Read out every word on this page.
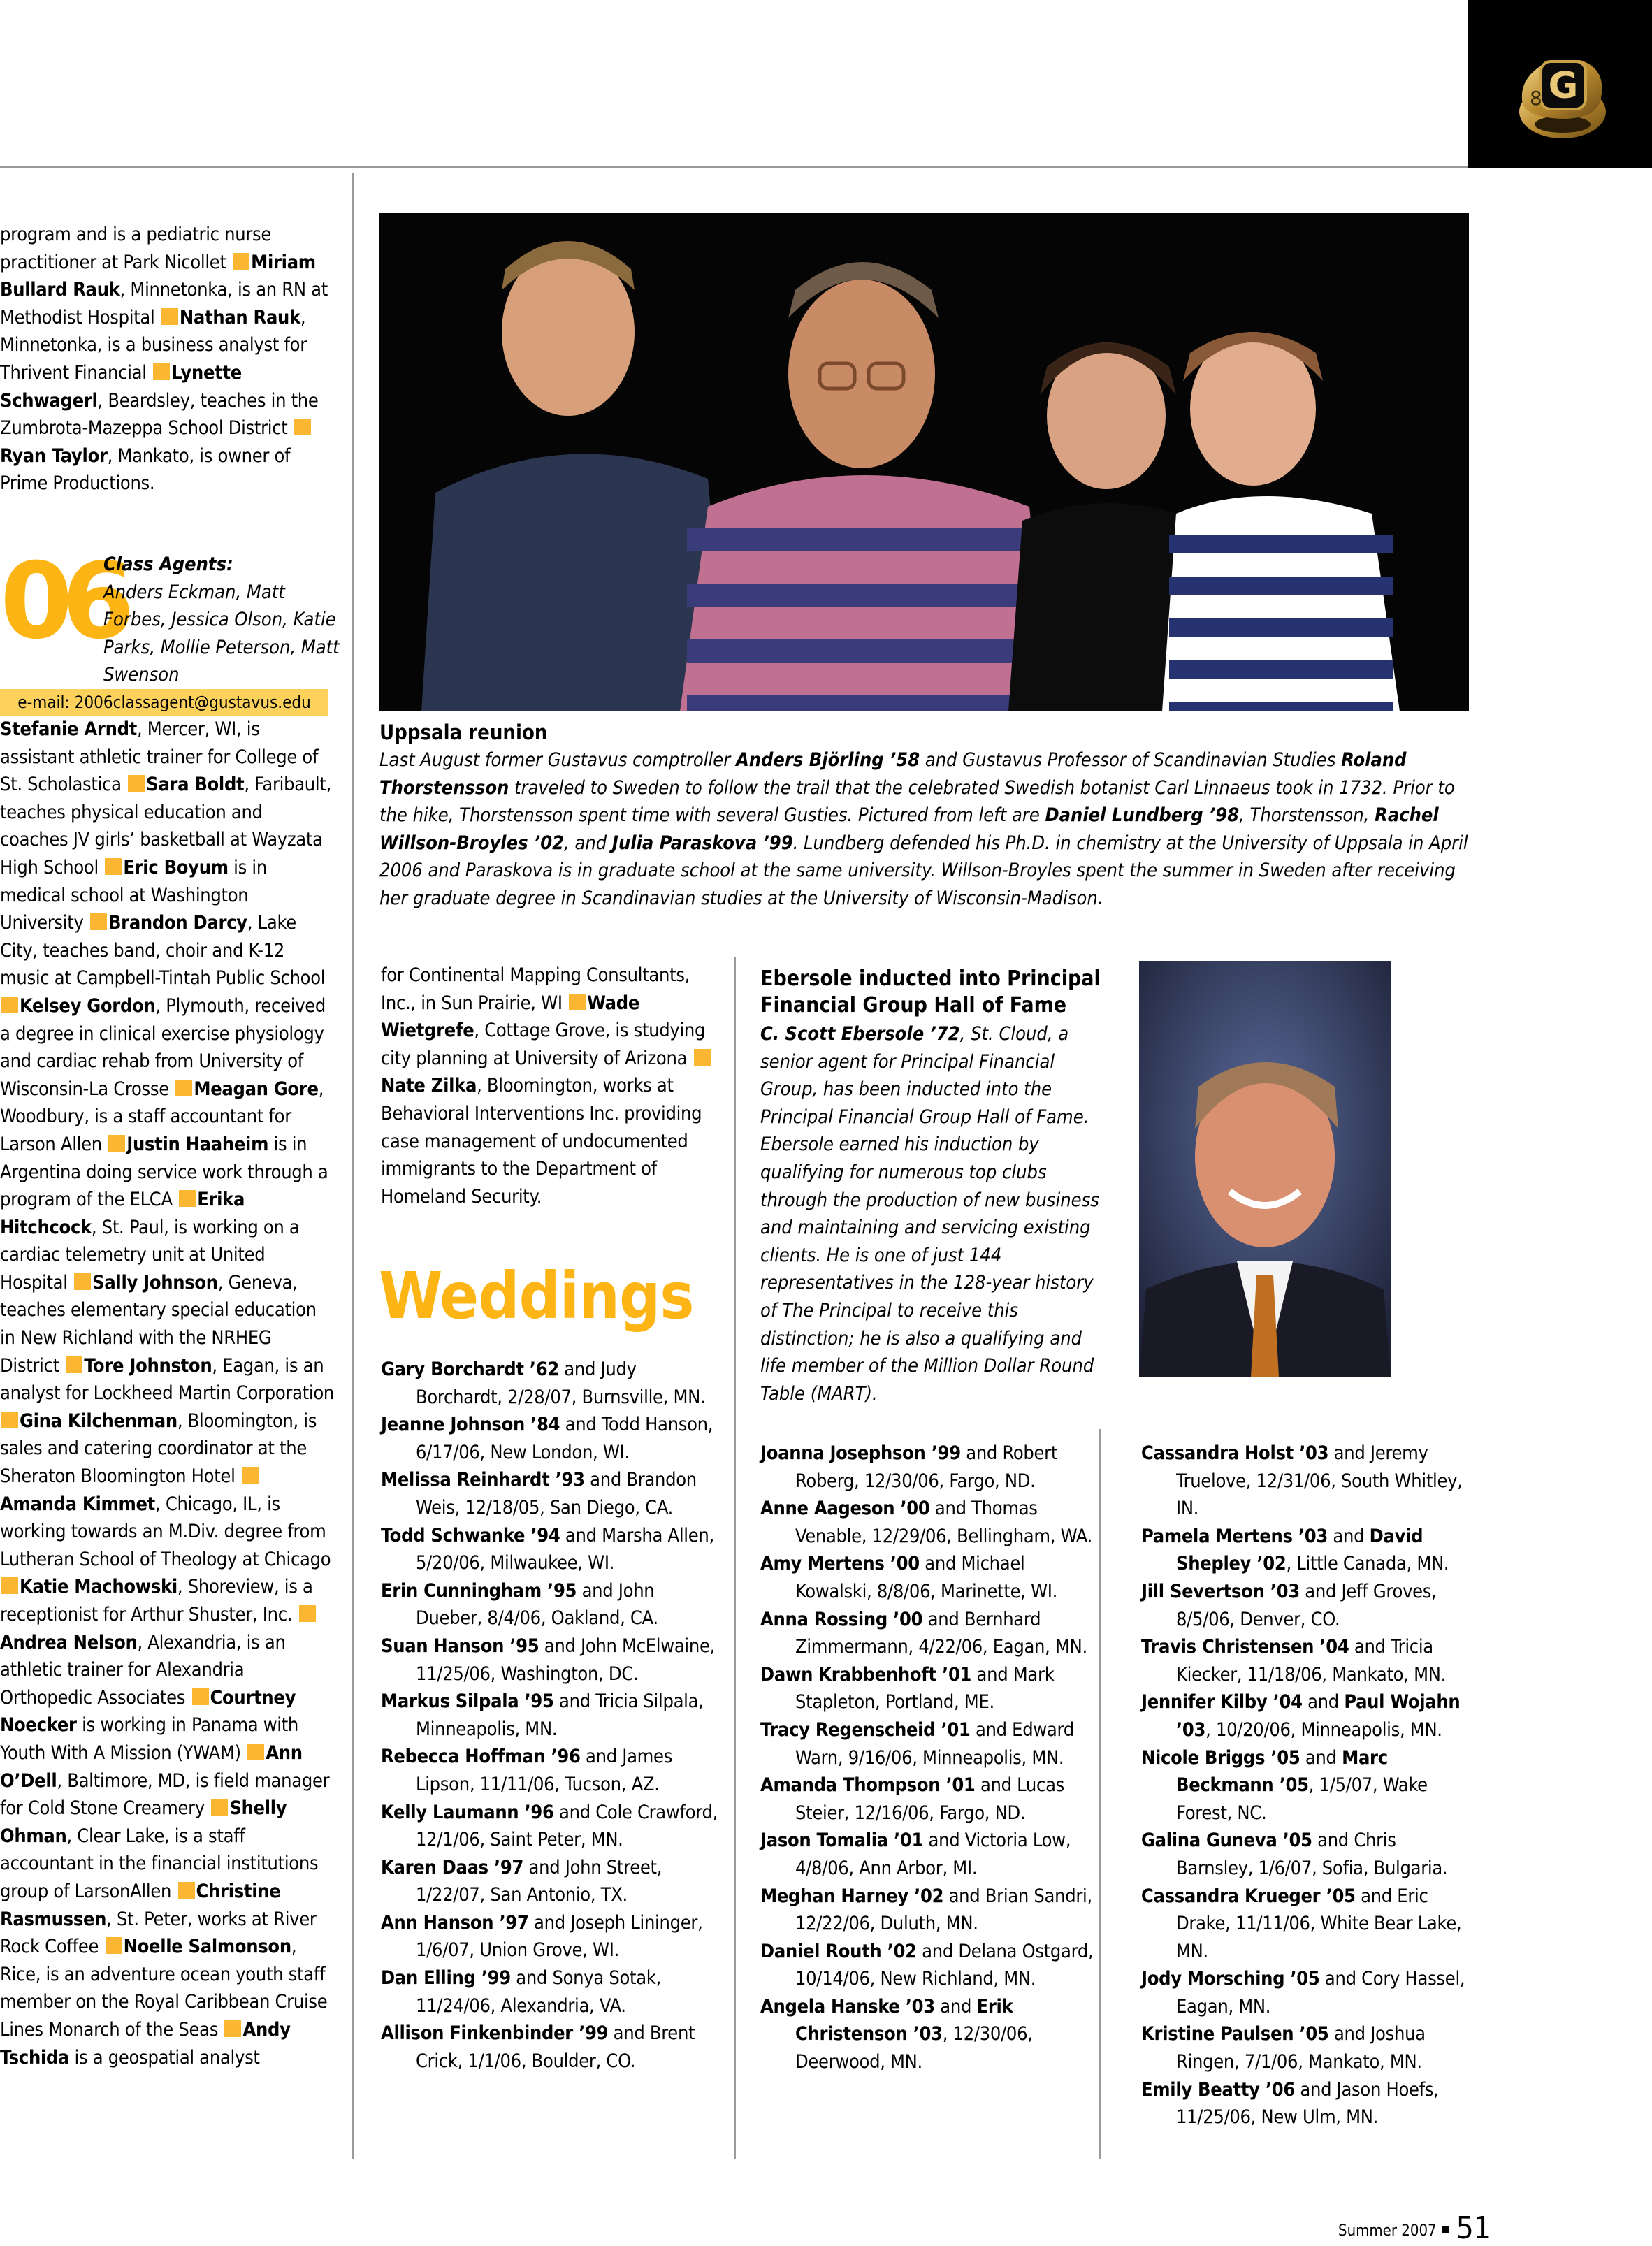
G
8
program and is a pediatric nurse practitioner at Park Nicollet Miriam Bullard Rauk, Minnetonka, is an RN at Methodist Hospital Nathan Rauk, Minnetonka, is a business analyst for Thrivent Financial Lynette Schwagerl, Beardsley, teaches in the Zumbrota-Mazeppa School District Ryan Taylor, Mankato, is owner of Prime Productions.
06
Class Agents:
Anders Eckman, Matt Forbes, Jessica Olson, Katie Parks, Mollie Peterson, Matt Swenson
e-mail: 2006classagent@gustavus.edu
Stefanie Arndt, Mercer, WI, is assistant athletic trainer for College of St. Scholastica Sara Boldt, Faribault, teaches physical education and coaches JV girls’ basketball at Wayzata High School Eric Boyum is in medical school at Washington University Brandon Darcy, Lake City, teaches band, choir and K-12 music at Campbell-Tintah Public School Kelsey Gordon, Plymouth, received a degree in clinical exercise physiology and cardiac rehab from University of Wisconsin-La Crosse Meagan Gore, Woodbury, is a staff accountant for Larson Allen Justin Haaheim is in Argentina doing service work through a program of the ELCA Erika Hitchcock, St. Paul, is working on a cardiac telemetry unit at United Hospital Sally Johnson, Geneva, teaches elementary special education in New Richland with the NRHEG District Tore Johnston, Eagan, is an analyst for Lockheed Martin Corporation Gina Kilchenman, Bloomington, is sales and catering coordinator at the Sheraton Bloomington Hotel Amanda Kimmet, Chicago, IL, is working towards an M.Div. degree from Lutheran School of Theology at Chicago Katie Machowski, Shoreview, is a receptionist for Arthur Shuster, Inc. Andrea Nelson, Alexandria, is an athletic trainer for Alexandria Orthopedic Associates Courtney Noecker is working in Panama with Youth With A Mission (YWAM) Ann O’Dell, Baltimore, MD, is field manager for Cold Stone Creamery Shelly Ohman, Clear Lake, is a staff accountant in the financial institutions group of LarsonAllen Christine Rasmussen, St. Peter, works at River Rock Coffee Noelle Salmonson, Rice, is an adventure ocean youth staff member on the Royal Caribbean Cruise Lines Monarch of the Seas Andy Tschida is a geospatial analyst
Uppsala reunion
Last August former Gustavus comptroller Anders Björling ’58 and Gustavus Professor of Scandinavian Studies Roland Thorstensson traveled to Sweden to follow the trail that the celebrated Swedish botanist Carl Linnaeus took in 1732. Prior to the hike, Thorstensson spent time with several Gusties. Pictured from left are Daniel Lundberg ’98, Thorstensson, Rachel Willson-Broyles ’02, and Julia Paraskova ’99. Lundberg defended his Ph.D. in chemistry at the University of Uppsala in April 2006 and Paraskova is in graduate school at the same university. Willson-Broyles spent the summer in Sweden after receiving her graduate degree in Scandinavian studies at the University of Wisconsin-Madison.
for Continental Mapping Consultants, Inc., in Sun Prairie, WI Wade Wietgrefe, Cottage Grove, is studying city planning at University of Arizona Nate Zilka, Bloomington, works at Behavioral Interventions Inc. providing case management of undocumented immigrants to the Department of Homeland Security.
Ebersole inducted into Principal Financial Group Hall of Fame
C. Scott Ebersole ’72, St. Cloud, a senior agent for Principal Financial Group, has been inducted into the Principal Financial Group Hall of Fame. Ebersole earned his induction by qualifying for numerous top clubs through the production of new business and maintaining and servicing existing clients. He is one of just 144 representatives in the 128-year history of The Principal to receive this distinction; he is also a qualifying and life member of the Million Dollar Round Table (MART).
Weddings
Gary Borchardt ’62 and Judy Borchardt, 2/28/07, Burnsville, MN.
Jeanne Johnson ’84 and Todd Hanson, 6/17/06, New London, WI.
Melissa Reinhardt ’93 and Brandon Weis, 12/18/05, San Diego, CA.
Todd Schwanke ’94 and Marsha Allen, 5/20/06, Milwaukee, WI.
Erin Cunningham ’95 and John Dueber, 8/4/06, Oakland, CA.
Suan Hanson ’95 and John McElwaine, 11/25/06, Washington, DC.
Markus Silpala ’95 and Tricia Silpala, Minneapolis, MN.
Rebecca Hoffman ’96 and James Lipson, 11/11/06, Tucson, AZ.
Kelly Laumann ’96 and Cole Crawford, 12/1/06, Saint Peter, MN.
Karen Daas ’97 and John Street, 1/22/07, San Antonio, TX.
Ann Hanson ’97 and Joseph Lininger, 1/6/07, Union Grove, WI.
Dan Elling ’99 and Sonya Sotak, 11/24/06, Alexandria, VA.
Allison Finkenbinder ’99 and Brent Crick, 1/1/06, Boulder, CO.
Joanna Josephson ’99 and Robert Roberg, 12/30/06, Fargo, ND.
Anne Aageson ’00 and Thomas Venable, 12/29/06, Bellingham, WA.
Amy Mertens ’00 and Michael Kowalski, 8/8/06, Marinette, WI.
Anna Rossing ’00 and Bernhard Zimmermann, 4/22/06, Eagan, MN.
Dawn Krabbenhoft ’01 and Mark Stapleton, Portland, ME.
Tracy Regenscheid ’01 and Edward Warn, 9/16/06, Minneapolis, MN.
Amanda Thompson ’01 and Lucas Steier, 12/16/06, Fargo, ND.
Jason Tomalia ’01 and Victoria Low, 4/8/06, Ann Arbor, MI.
Meghan Harney ’02 and Brian Sandri, 12/22/06, Duluth, MN.
Daniel Routh ’02 and Delana Ostgard, 10/14/06, New Richland, MN.
Angela Hanske ’03 and Erik Christenson ’03, 12/30/06, Deerwood, MN.
Cassandra Holst ’03 and Jeremy Truelove, 12/31/06, South Whitley, IN.
Pamela Mertens ’03 and David Shepley ’02, Little Canada, MN.
Jill Severtson ’03 and Jeff Groves, 8/5/06, Denver, CO.
Travis Christensen ’04 and Tricia Kiecker, 11/18/06, Mankato, MN.
Jennifer Kilby ’04 and Paul Wojahn ’03, 10/20/06, Minneapolis, MN.
Nicole Briggs ’05 and Marc Beckmann ’05, 1/5/07, Wake Forest, NC.
Galina Guneva ’05 and Chris Barnsley, 1/6/07, Sofia, Bulgaria.
Cassandra Krueger ’05 and Eric Drake, 11/11/06, White Bear Lake, MN.
Jody Morsching ’05 and Cory Hassel, Eagan, MN.
Kristine Paulsen ’05 and Joshua Ringen, 7/1/06, Mankato, MN.
Emily Beatty ’06 and Jason Hoefs, 11/25/06, New Ulm, MN.
Summer 2007 51
